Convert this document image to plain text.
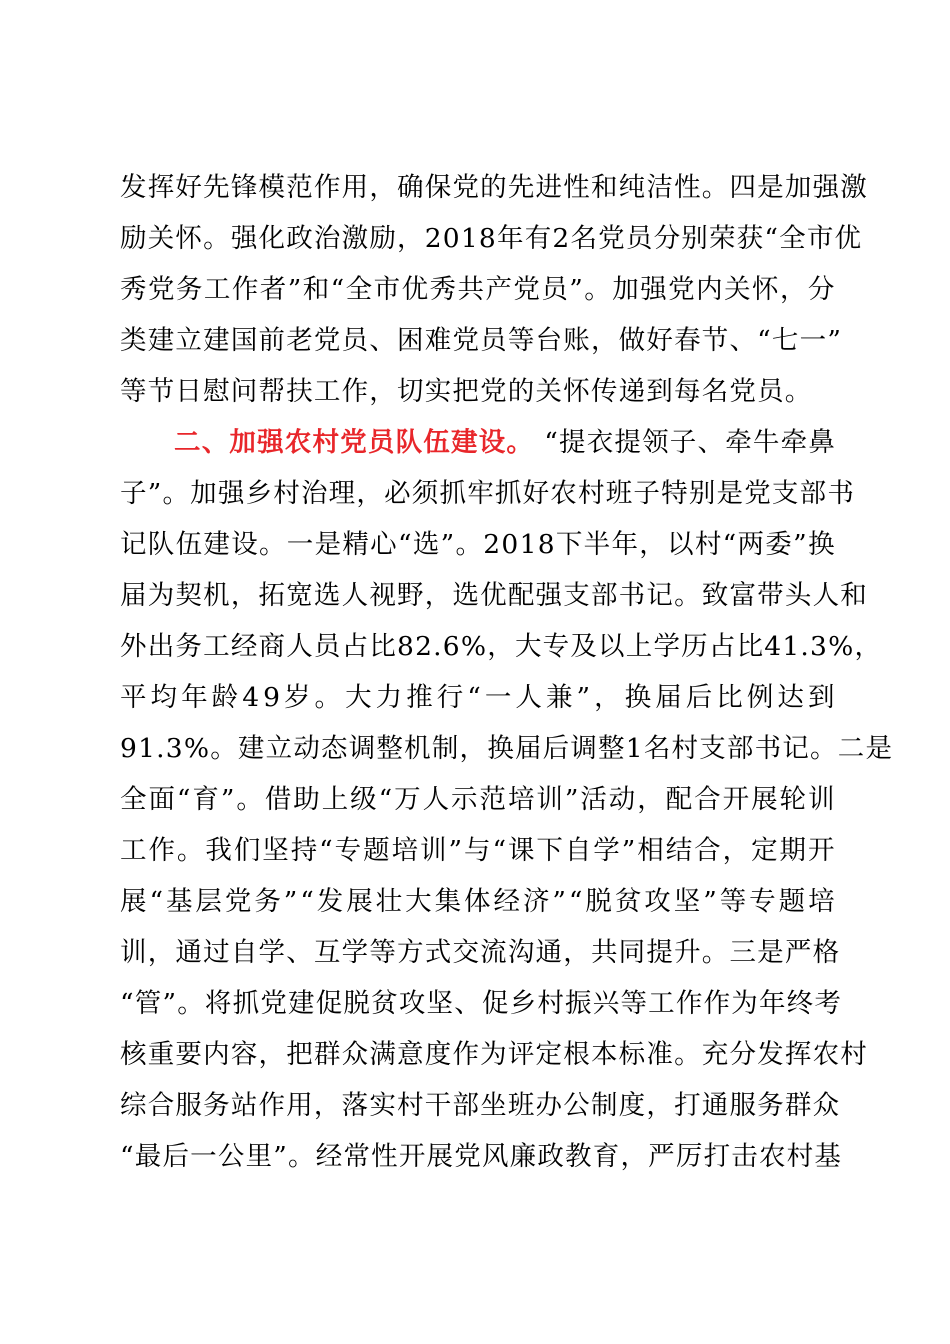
发 挥 好 先 锋 模 范 作 用 ， 确 保 党 的 先 进 性 和 纯 洁 性 。 四 是 加 强 激
励 关 怀 。 强 化 政 治 激 励 ， 2 0 1 8 年 有 2 名 党 员 分 别 荣 获 “ 全 市 优
秀 党 务 工 作 者 ” 和 “ 全 市 优 秀 共 产 党 员 ” 。 加 强 党 内 关 怀 ， 分
类 建 立 建 国 前 老 党 员 、 困 难 党 员 等 台 账 ， 做 好 春 节 、 “ 七 一 ”
等节日慰问帮扶工作，切实把党的关怀传递到每名党员。
二、加强农村党员队伍建设。 “提衣提领子、牵牛牵鼻
子 ” 。 加 强 乡 村 治 理 ， 必 须 抓 牢 抓 好 农 村 班 子 特 别 是 党 支 部 书
记 队 伍 建 设 。 一 是 精 心 “ 选 ” 。 2 0 1 8 下 半 年 ， 以 村 “ 两 委 ” 换
届 为 契 机 ， 拓 宽 选 人 视 野 ， 选 优 配 强 支 部 书 记 。 致 富 带 头 人 和
外 出 务 工 经 商 人 员 占 比 8 2 . 6 % ， 大 专 及 以 上 学 历 占 比 4 1 . 3 % ，
平 均 年 龄 4 9 岁 。 大 力 推 行 “ 一 人 兼 ” ， 换 届 后 比 例 达 到
9 1 . 3 % 。 建 立 动 态 调 整 机 制 ， 换 届 后 调 整 1 名 村 支 部 书 记 。 二 是
全 面 “ 育 ” 。 借 助 上 级 “ 万 人 示 范 培 训 ” 活 动 ， 配 合 开 展 轮 训
工 作 。 我 们 坚 持 “ 专 题 培 训 ” 与 “ 课 下 自 学 ” 相 结 合 ， 定 期 开
展 “ 基 层 党 务 ” “ 发 展 壮 大 集 体 经 济 ” “ 脱 贫 攻 坚 ” 等 专 题 培
训 ， 通 过 自 学 、 互 学 等 方 式 交 流 沟 通 ， 共 同 提 升 。 三 是 严 格
“ 管 ” 。 将 抓 党 建 促 脱 贫 攻 坚 、 促 乡 村 振 兴 等 工 作 作 为 年 终 考
核 重 要 内 容 ， 把 群 众 满 意 度 作 为 评 定 根 本 标 准 。 充 分 发 挥 农 村
综 合 服 务 站 作 用 ， 落 实 村 干 部 坐 班 办 公 制 度 ， 打 通 服 务 群 众
“ 最 后 一 公 里 ” 。 经 常 性 开 展 党 风 廉 政 教 育 ， 严 厉 打 击 农 村 基
